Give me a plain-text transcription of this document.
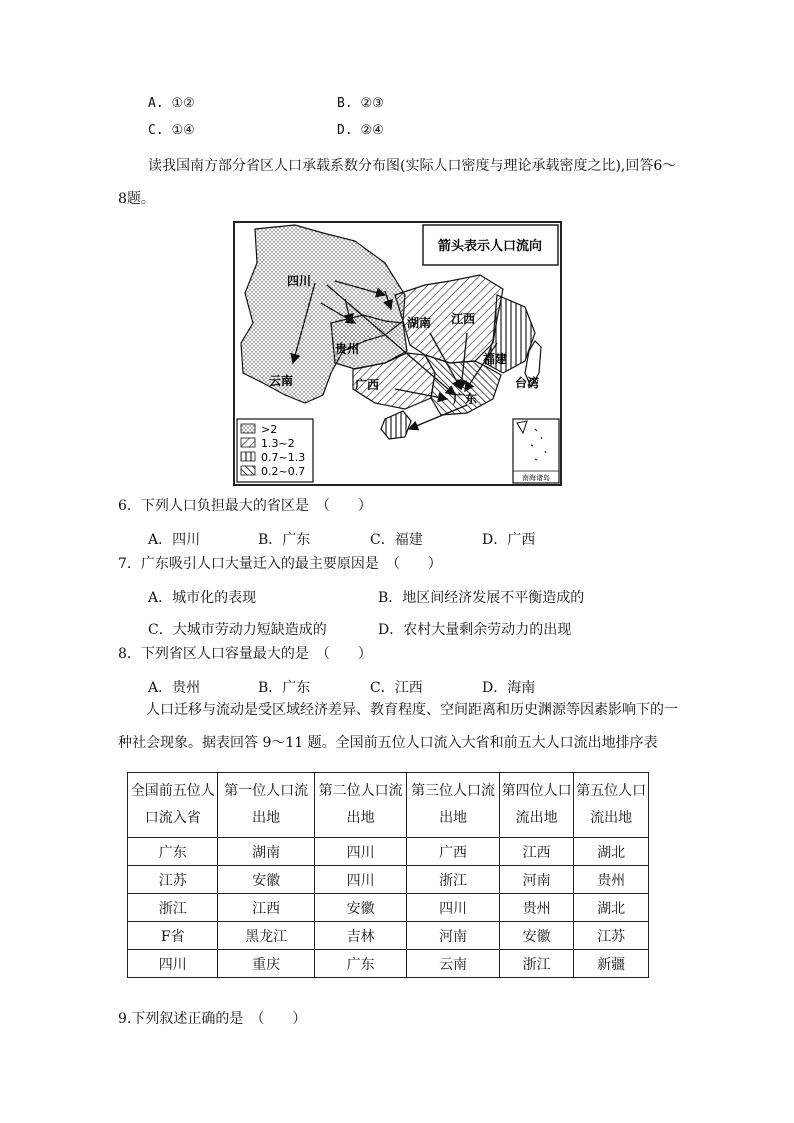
A. ①②	B. ②③
C. ①④	D. ②④
读我国南方部分省区人口承载系数分布图(实际人口密度与理论承载密度之比),回答6～8题。
箭头表示人口流向
四川
贵州
云南
湖南 江西
福建
广西
广东
台湾
>2
1.3~2
0.7~1.3
0.2~0.7	南海诸岛
6．下列人口负担最大的省区是　（　　）
A．四川	B．广东	C．福建	D．广西
7．广东吸引人口大量迁入的最主要原因是　（　　）
A．城市化的表现	B．地区间经济发展不平衡造成的
C．大城市劳动力短缺造成的	D．农村大量剩余劳动力的出现
8．下列省区人口容量最大的是　（　　）
A．贵州	B．广东	C．江西	D．海南
人口迁移与流动是受区域经济差异、教育程度、空间距离和历史渊源等因素影响下的一种社会现象。据表回答 9～11 题。全国前五位人口流入大省和前五大人口流出地排序表
全国前五位人口流入省	第一位人口流出地	第二位人口流出地	第三位人口流出地	第四位人口流出地	第五位人口流出地
广东	湖南	四川	广西	江西	湖北
江苏	安徽	四川	浙江	河南	贵州
浙江	江西	安徽	四川	贵州	湖北
F省	黑龙江	吉林	河南	安徽	江苏
四川	重庆	广东	云南	浙江	新疆
9.下列叙述正确的是　（　　）
